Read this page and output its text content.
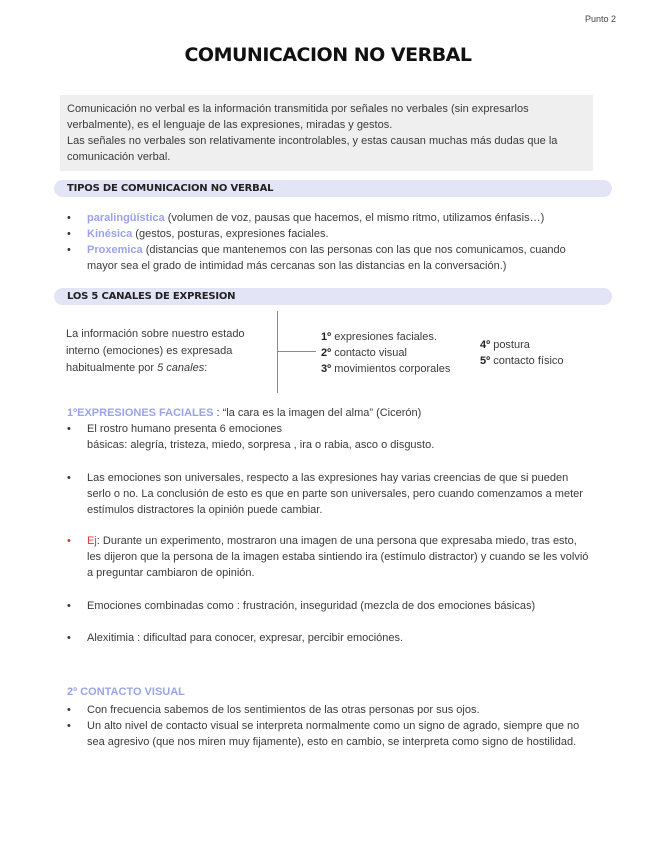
Punto 2
COMUNICACION NO VERBAL
Comunicación no verbal es la información transmitida por señales no verbales (sin expresarlos verbalmente), es el lenguaje de las expresiones, miradas y gestos.
Las señales no verbales son relativamente incontrolables, y estas causan muchas más dudas que la comunicación verbal.
TIPOS DE COMUNICACION NO VERBAL
• paralingüística (volumen de voz, pausas que hacemos, el mismo ritmo, utilizamos énfasis…)
• Kinésica (gestos, posturas, expresiones faciales.
• Proxemica (distancias que mantenemos con las personas con las que nos comunicamos, cuando mayor sea el grado de intimidad más cercanas son las distancias en la conversación.)
LOS 5 CANALES DE EXPRESION
La información sobre nuestro estado interno (emociones) es expresada habitualmente por 5 canales:
1º expresiones faciales.
2º contacto visual
3º movimientos corporales
4º postura
5º contacto físico
1ºEXPRESIONES FACIALES : “la cara es la imagen del alma” (Cicerón)
• El rostro humano presenta 6 emociones
básicas: alegría, tristeza, miedo, sorpresa , ira o rabia, asco o disgusto.
• Las emociones son universales, respecto a las expresiones hay varias creencias de que si pueden serlo o no. La conclusión de esto es que en parte son universales, pero cuando comenzamos a meter estímulos distractores la opinión puede cambiar.
• Ej: Durante un experimento, mostraron una imagen de una persona que expresaba miedo, tras esto, les dijeron que la persona de la imagen estaba sintiendo ira (estímulo distractor) y cuando se les volvió a preguntar cambiaron de opinión.
• Emociones combinadas como : frustración, inseguridad (mezcla de dos emociones básicas)
• Alexitimia : dificultad para conocer, expresar, percibir emociónes.
2º CONTACTO VISUAL
• Con frecuencia sabemos de los sentimientos de las otras personas por sus ojos.
• Un alto nivel de contacto visual se interpreta normalmente como un signo de agrado, siempre que no sea agresivo (que nos miren muy fijamente), esto en cambio, se interpreta como signo de hostilidad.
